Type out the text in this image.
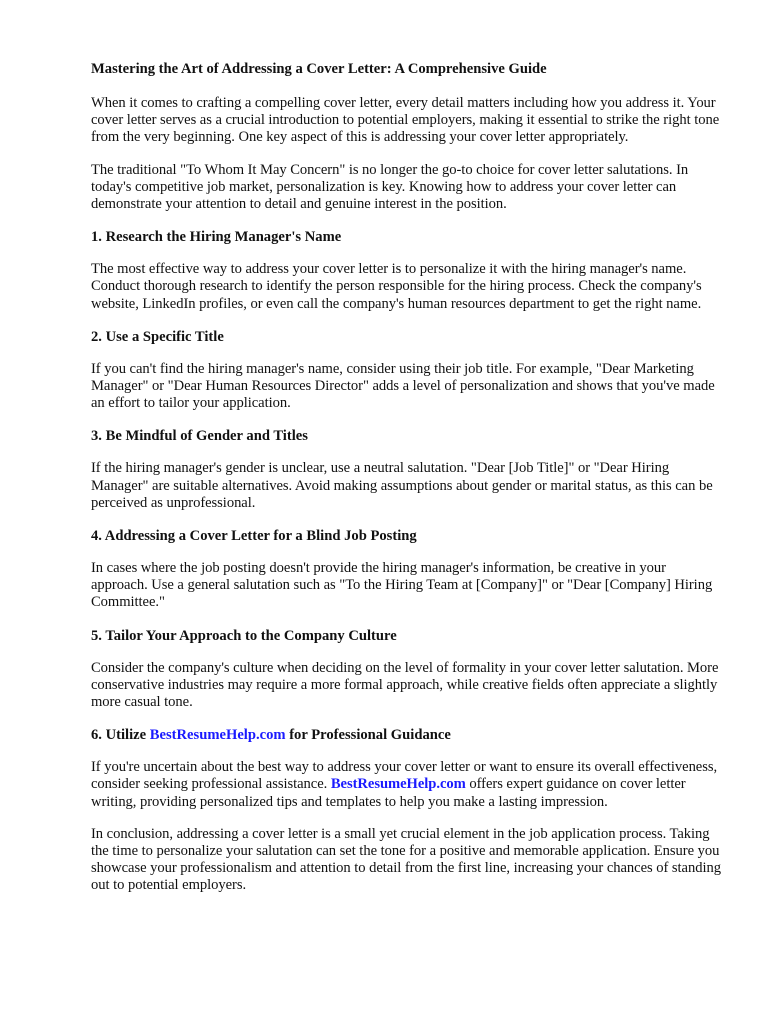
Mastering the Art of Addressing a Cover Letter: A Comprehensive Guide

When it comes to crafting a compelling cover letter, every detail matters including how you address it. Your cover letter serves as a crucial introduction to potential employers, making it essential to strike the right tone from the very beginning. One key aspect of this is addressing your cover letter appropriately.

The traditional "To Whom It May Concern" is no longer the go-to choice for cover letter salutations. In today's competitive job market, personalization is key. Knowing how to address your cover letter can demonstrate your attention to detail and genuine interest in the position.

1. Research the Hiring Manager's Name

The most effective way to address your cover letter is to personalize it with the hiring manager's name. Conduct thorough research to identify the person responsible for the hiring process. Check the company's website, LinkedIn profiles, or even call the company's human resources department to get the right name.

2. Use a Specific Title

If you can't find the hiring manager's name, consider using their job title. For example, "Dear Marketing Manager" or "Dear Human Resources Director" adds a level of personalization and shows that you've made an effort to tailor your application.

3. Be Mindful of Gender and Titles

If the hiring manager's gender is unclear, use a neutral salutation. "Dear [Job Title]" or "Dear Hiring Manager" are suitable alternatives. Avoid making assumptions about gender or marital status, as this can be perceived as unprofessional.

4. Addressing a Cover Letter for a Blind Job Posting

In cases where the job posting doesn't provide the hiring manager's information, be creative in your approach. Use a general salutation such as "To the Hiring Team at [Company]" or "Dear [Company] Hiring Committee."

5. Tailor Your Approach to the Company Culture

Consider the company's culture when deciding on the level of formality in your cover letter salutation. More conservative industries may require a more formal approach, while creative fields often appreciate a slightly more casual tone.

6. Utilize BestResumeHelp.com for Professional Guidance

If you're uncertain about the best way to address your cover letter or want to ensure its overall effectiveness, consider seeking professional assistance. BestResumeHelp.com offers expert guidance on cover letter writing, providing personalized tips and templates to help you make a lasting impression.

In conclusion, addressing a cover letter is a small yet crucial element in the job application process. Taking the time to personalize your salutation can set the tone for a positive and memorable application. Ensure you showcase your professionalism and attention to detail from the first line, increasing your chances of standing out to potential employers.
